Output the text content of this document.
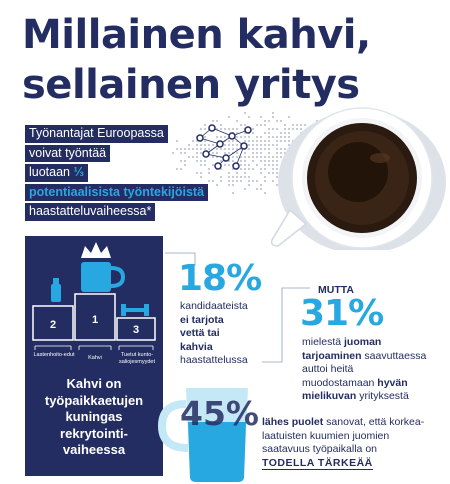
Millainen kahvi,
sellainen yritys
Työnantajat Euroopassa
voivat työntää
luotaan ⅓
potentiaalisista työntekijöistä
haastatteluvaiheessa*
2	1
3
Lastenhoito-edut	Kahvi	Tuetut kunto-saliojesmyydet
Kahvi on
työpaikkaetujen
kuningas
rekrytointi-
vaiheessa
18%
kandidaateista
ei tarjota
vettä tai
kahvia
haastattelussa
MUTTA
31%
mielestä juoman
tarjoaminen saavuttaessa
auttoi heitä
muodostamaan hyvän
mielikuvan yrityksestä
45% lähes puolet sanovat, että korkea-
laatuisten kuumien juomien
saatavuus työpaikalla on
TODELLA TÄRKEÄÄ
